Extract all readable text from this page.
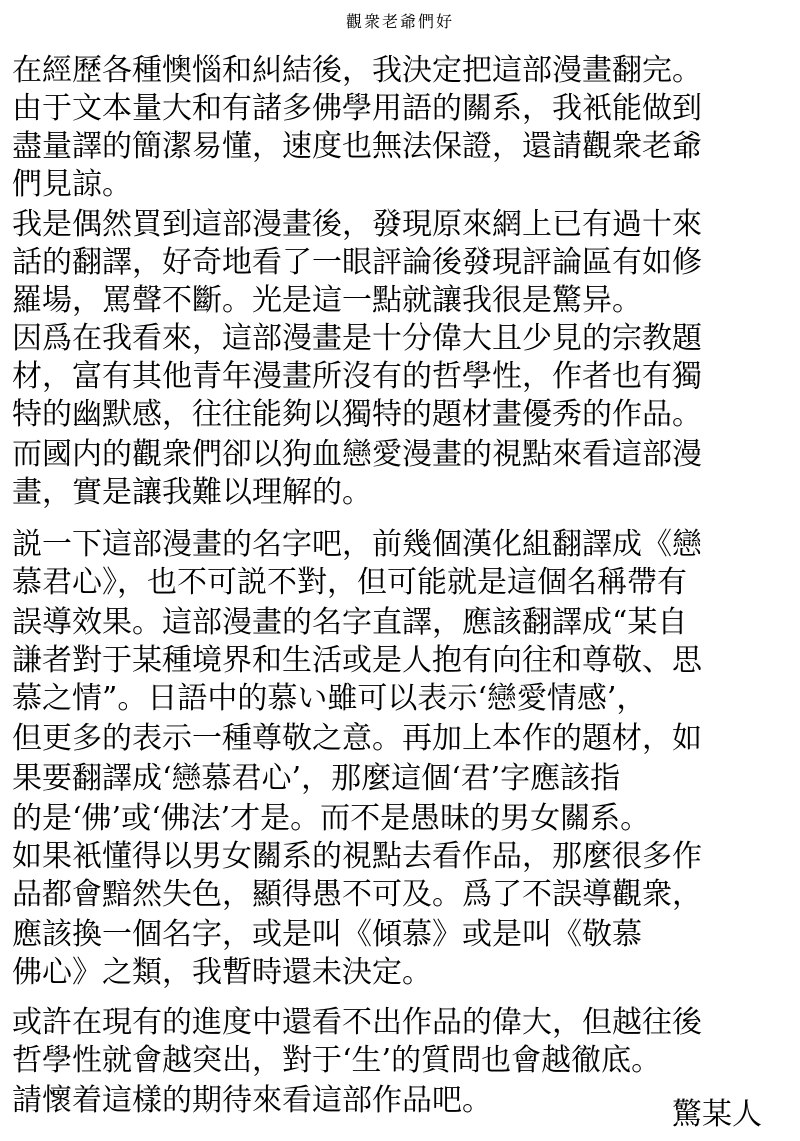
觀衆老爺們好
在經歷各種懊惱和糾結後，我決定把這部漫畫翻完。
由于文本量大和有諸多佛學用語的關系，我衹能做到
盡量譯的簡潔易懂，速度也無法保證，還請觀衆老爺
們見諒。
我是偶然買到這部漫畫後，發現原來網上已有過十來
話的翻譯，好奇地看了一眼評論後發現評論區有如修
羅場，罵聲不斷。光是這一點就讓我很是驚异。
因爲在我看來，這部漫畫是十分偉大且少見的宗教題
材，富有其他青年漫畫所沒有的哲學性，作者也有獨
特的幽默感，往往能夠以獨特的題材畫優秀的作品。
而國内的觀衆們卻以狗血戀愛漫畫的視點來看這部漫
畫，實是讓我難以理解的。
説一下這部漫畫的名字吧，前幾個漢化組翻譯成《戀
慕君心》，也不可説不對，但可能就是這個名稱帶有
誤導效果。這部漫畫的名字直譯，應該翻譯成“某自
謙者對于某種境界和生活或是人抱有向往和尊敬、思
慕之情”。日語中的慕い雖可以表示‘戀愛情感’，
但更多的表示一種尊敬之意。再加上本作的題材，如
果要翻譯成‘戀慕君心’，那麼這個‘君’字應該指
的是‘佛’或‘佛法’才是。而不是愚昧的男女關系。
如果衹懂得以男女關系的視點去看作品，那麼很多作
品都會黯然失色，顯得愚不可及。爲了不誤導觀衆，
應該換一個名字，或是叫《傾慕》或是叫《敬慕
佛心》之類，我暫時還未決定。
或許在現有的進度中還看不出作品的偉大，但越往後
哲學性就會越突出，對于‘生’的質問也會越徹底。
請懷着這樣的期待來看這部作品吧。	驚某人
